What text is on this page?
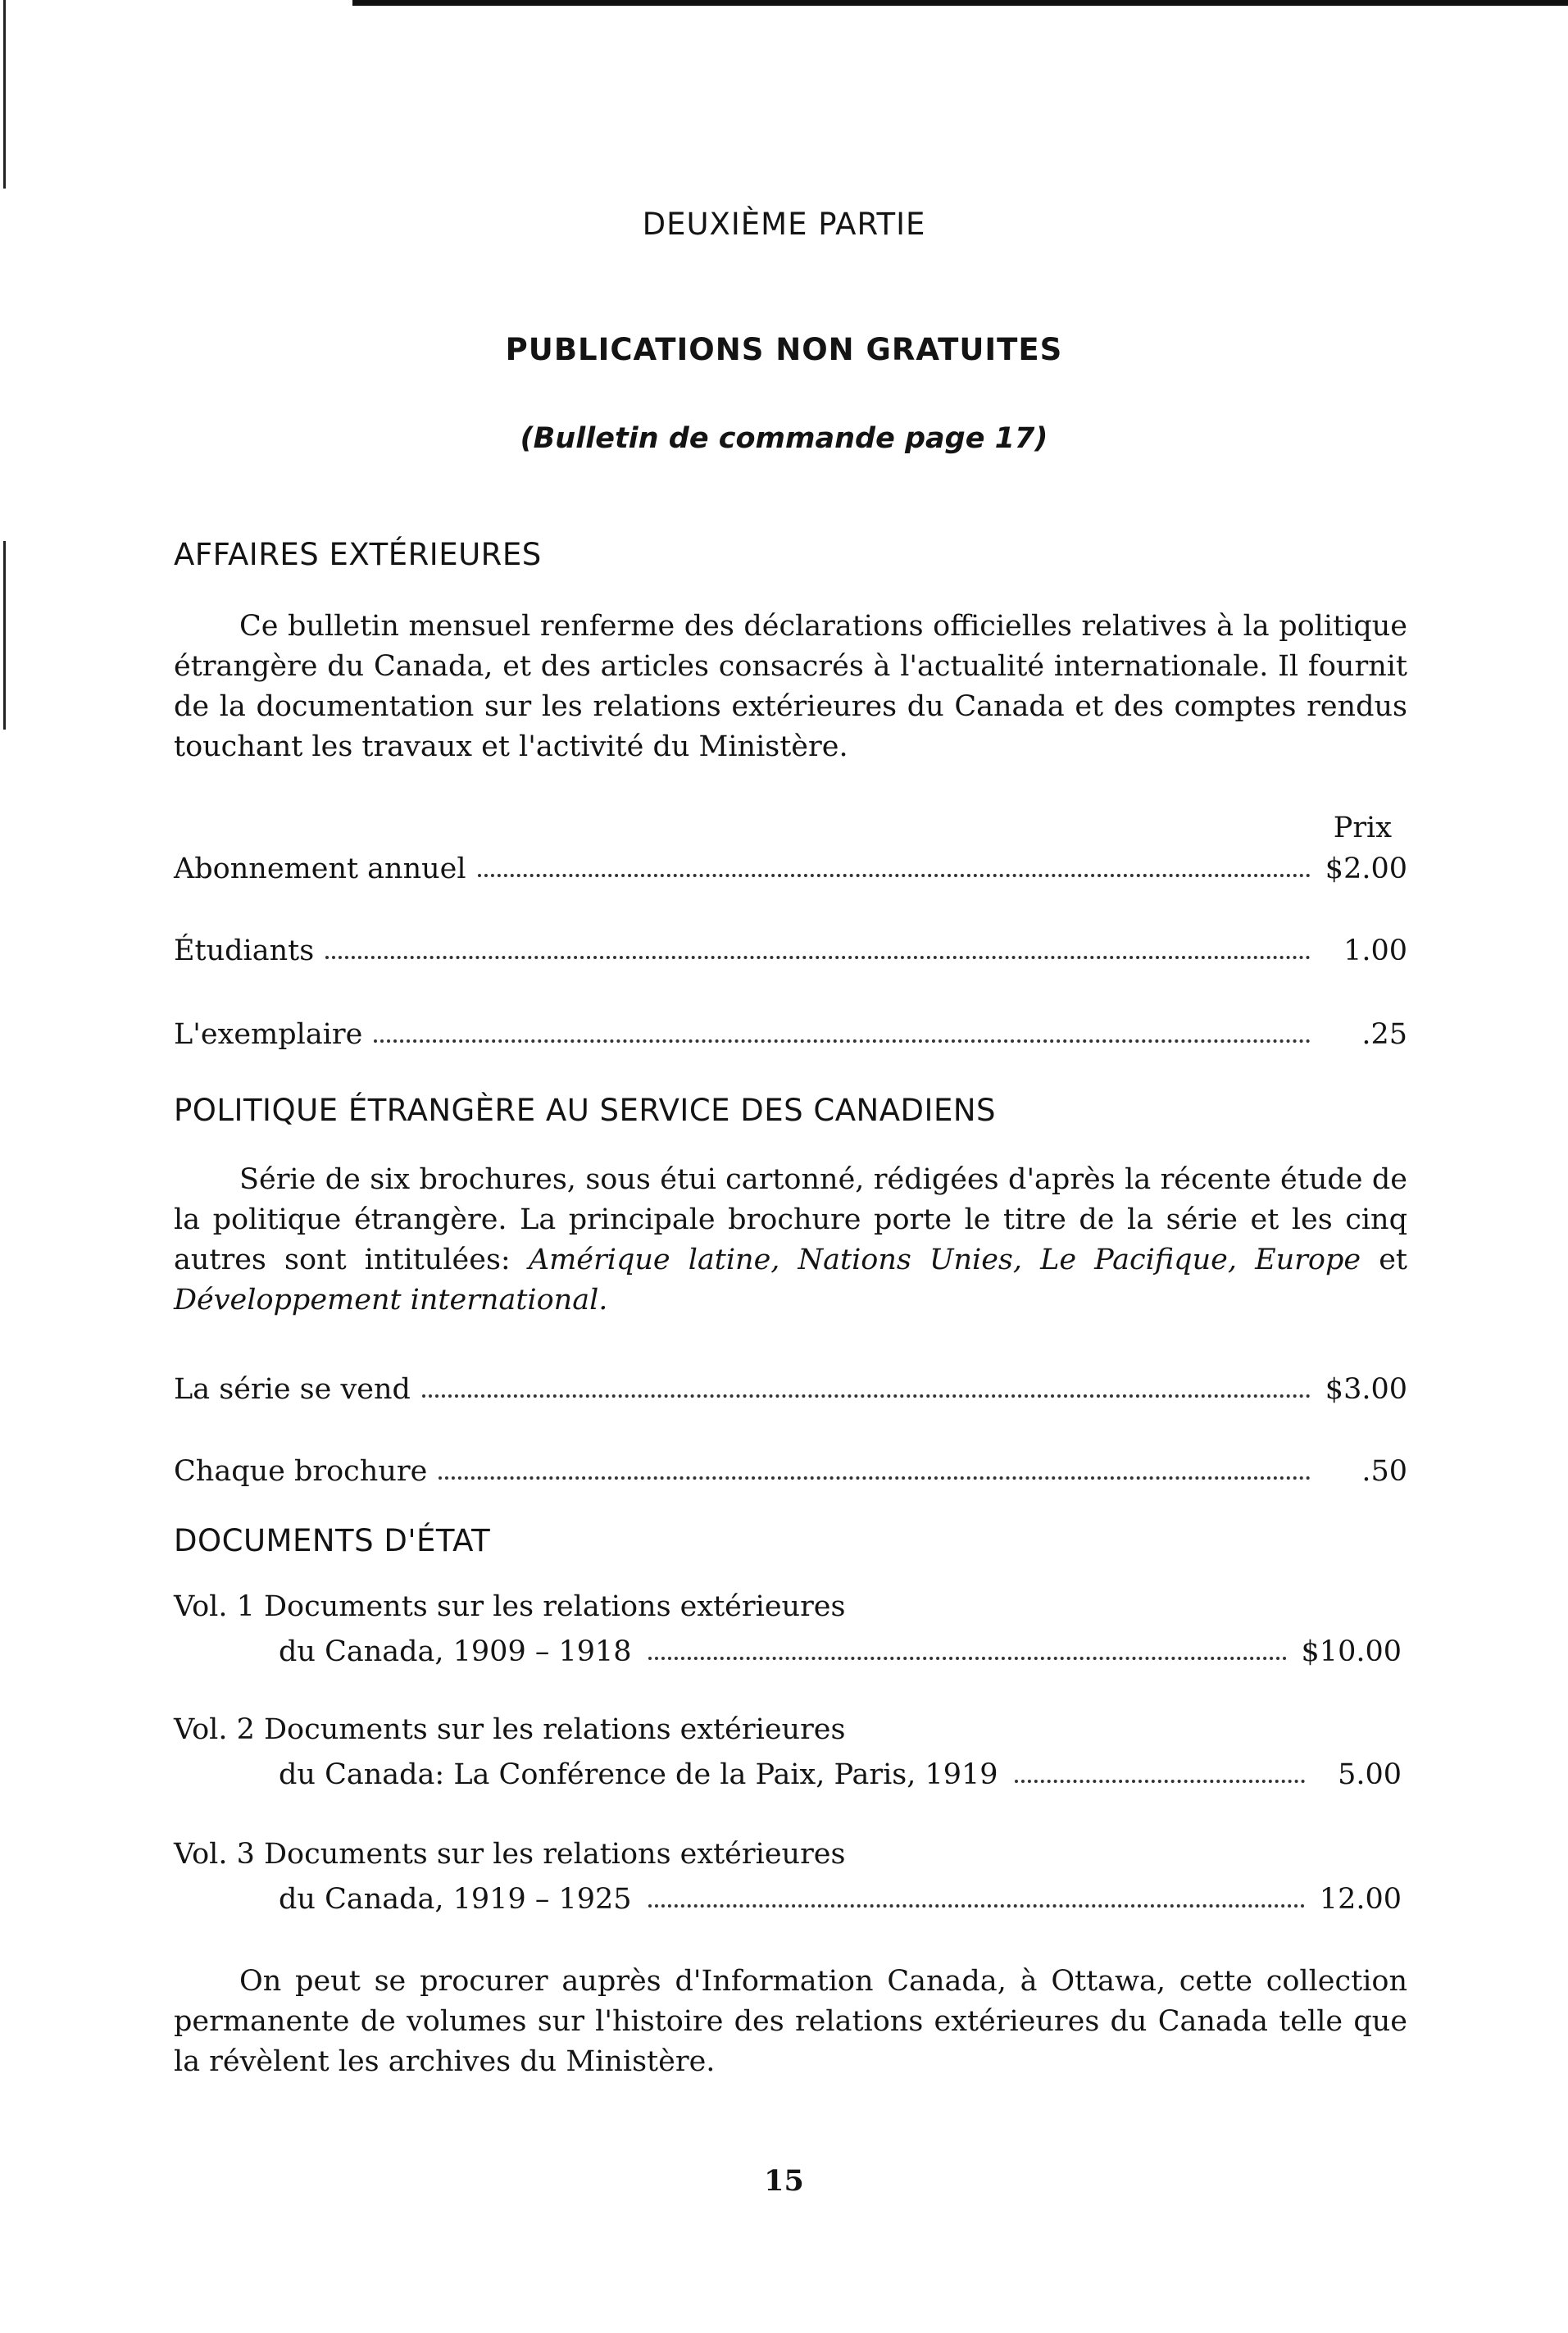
DEUXIÈME PARTIE
PUBLICATIONS NON GRATUITES
(Bulletin de commande page 17)
AFFAIRES EXTÉRIEURES
Ce bulletin mensuel renferme des déclarations officielles relatives à la politique étrangère du Canada, et des articles consacrés à l'actualité internationale. Il fournit de la documentation sur les relations extérieures du Canada et des comptes rendus touchant les travaux et l'activité du Ministère.
Prix
Abonnement annuel	$2.00
Étudiants	1.00
L'exemplaire	.25
POLITIQUE ÉTRANGÈRE AU SERVICE DES CANADIENS
Série de six brochures, sous étui cartonné, rédigées d'après la récente étude de la politique étrangère. La principale brochure porte le titre de la série et les cinq autres sont intitulées: Amérique latine, Nations Unies, Le Pacifique, Europe et Développement international.
La série se vend	$3.00
Chaque brochure	.50
DOCUMENTS D'ÉTAT
Vol. 1 Documents sur les relations extérieures
du Canada, 1909 – 1918	$10.00
Vol. 2 Documents sur les relations extérieures
du Canada: La Conférence de la Paix, Paris, 1919	5.00
Vol. 3 Documents sur les relations extérieures
du Canada, 1919 – 1925	12.00
On peut se procurer auprès d'Information Canada, à Ottawa, cette collection permanente de volumes sur l'histoire des relations extérieures du Canada telle que la révèlent les archives du Ministère.
15
